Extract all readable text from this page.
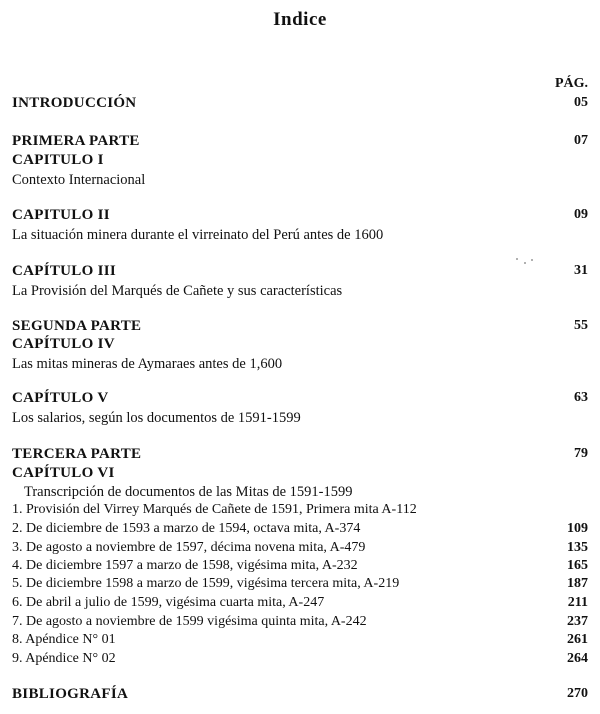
Indice
PÁG.
INTRODUCCIÓN	05
PRIMERA PARTE	07
CAPITULO I
Contexto Internacional
CAPITULO II	09
La situación minera durante el virreinato del Perú antes de 1600
CAPÍTULO III	31
La Provisión del Marqués de Cañete y sus características
SEGUNDA PARTE	55
CAPÍTULO IV
Las mitas mineras de Aymaraes antes de 1,600
CAPÍTULO V	63
Los salarios, según los documentos de 1591-1599
TERCERA PARTE	79
CAPÍTULO VI
Transcripción de documentos de las Mitas de 1591-1599
1. Provisión del Virrey Marqués de Cañete de 1591, Primera mita A-112
2. De diciembre de 1593 a marzo de 1594, octava mita, A-374	109
3. De agosto a noviembre de 1597, décima novena mita, A-479	135
4. De diciembre 1597 a marzo de 1598, vigésima mita, A-232	165
5. De diciembre 1598 a marzo de 1599, vigésima tercera mita, A-219	187
6. De abril a julio de 1599, vigésima cuarta mita, A-247	211
7. De agosto a noviembre de 1599 vigésima quinta mita, A-242	237
8. Apéndice N° 01	261
9. Apéndice N° 02	264
BIBLIOGRAFÍA	270
